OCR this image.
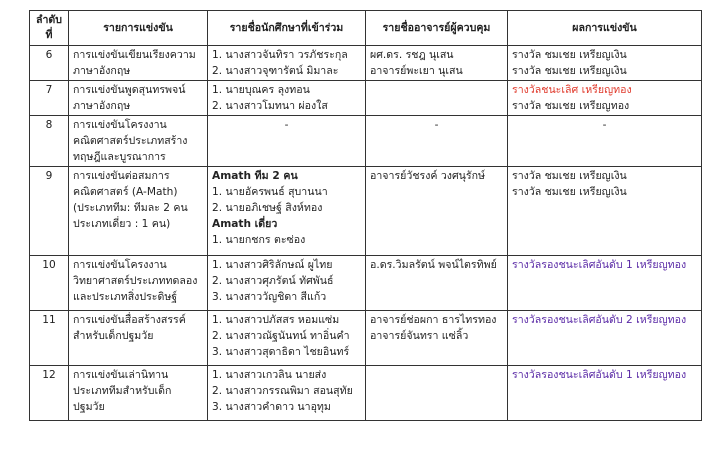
ลำดับที่	รายการแข่งขัน	รายชื่อนักศึกษาที่เข้าร่วม	รายชื่ออาจารย์ผู้ควบคุม	ผลการแข่งขัน
6	การแข่งขันเขียนเรียงความภาษาอังกฤษ	1. นางสาวจันทิรา วรภัชระกุล
2. นางสาวจุฑารัตน์ มิมาละ	ผศ.ดร. รชฎ นุเสน
อาจารย์พะเยา นุเสน	รางวัล ชมเชย เหรียญเงิน
รางวัล ชมเชย เหรียญเงิน

7	การแข่งขันพูดสุนทรพจน์ภาษาอังกฤษ	1. นายบุณคร ลุงทอน
2. นางสาวโมทนา ผ่องใส		รางวัลชนะเลิศ เหรียญทอง
รางวัล ชมเชย เหรียญทอง

8	การแข่งขันโครงงานคณิตศาสตร์ประเภทสร้างทฤษฎีและบูรณาการ	-	-	-
9	การแข่งขันต่อสมการคณิตศาสตร์ (A-Math) (ประเภททีม: ทีมละ 2 คน ประเภทเดี่ยว : 1 คน)	Amath ทีม 2 คน
1. นายอัครพนธ์ สุบานนา
2. นายอภิเชษฐ์ สิงห์ทอง
Amath เดี่ยว
1. นายกชกร ตะซ่อง	อาจารย์วัชรงค์ วงศนุรักษ์	รางวัล ชมเชย เหรียญเงิน
รางวัล ชมเชย เหรียญเงิน

10	การแข่งขันโครงงานวิทยาศาสตร์ประเภททดลองและประเภทสิ่งประดิษฐ์	1. นางสาวศิริลักษณ์ ผูไทย
2. นางสาวศุภรัตน์ ทัศพันธ์
3. นางสาววัญชิดา สีแก้ว	อ.ดร.วิมลรัตน์ พจน์ไตรทิพย์	รางวัลรองชนะเลิศอันดับ 1 เหรียญทอง

11	การแข่งขันสื่อสร้างสรรค์สำหรับเด็กปฐมวัย	1. นางสาวปภัสสร หอมแซ่ม
2. นางสาวณัฐนันทน์ ทาอิ่นคำ
3. นางสาวสุดาธิดา ไชยอินทร์	อาจารย์ช่อผกา ธารไทรทอง
อาจารย์จันทรา แซ่ลิ้ว	รางวัลรองชนะเลิศอันดับ 2 เหรียญทอง

12	การแข่งขันเล่านิทานประเภททีมสำหรับเด็กปฐมวัย	1. นางสาวเกวลิน นายส่ง
2. นางสาวกรรณพิมา สอนสุทัย
3. นางสาวคำดาว นาอุทุม		รางวัลรองชนะเลิศอันดับ 1 เหรียญทอง
